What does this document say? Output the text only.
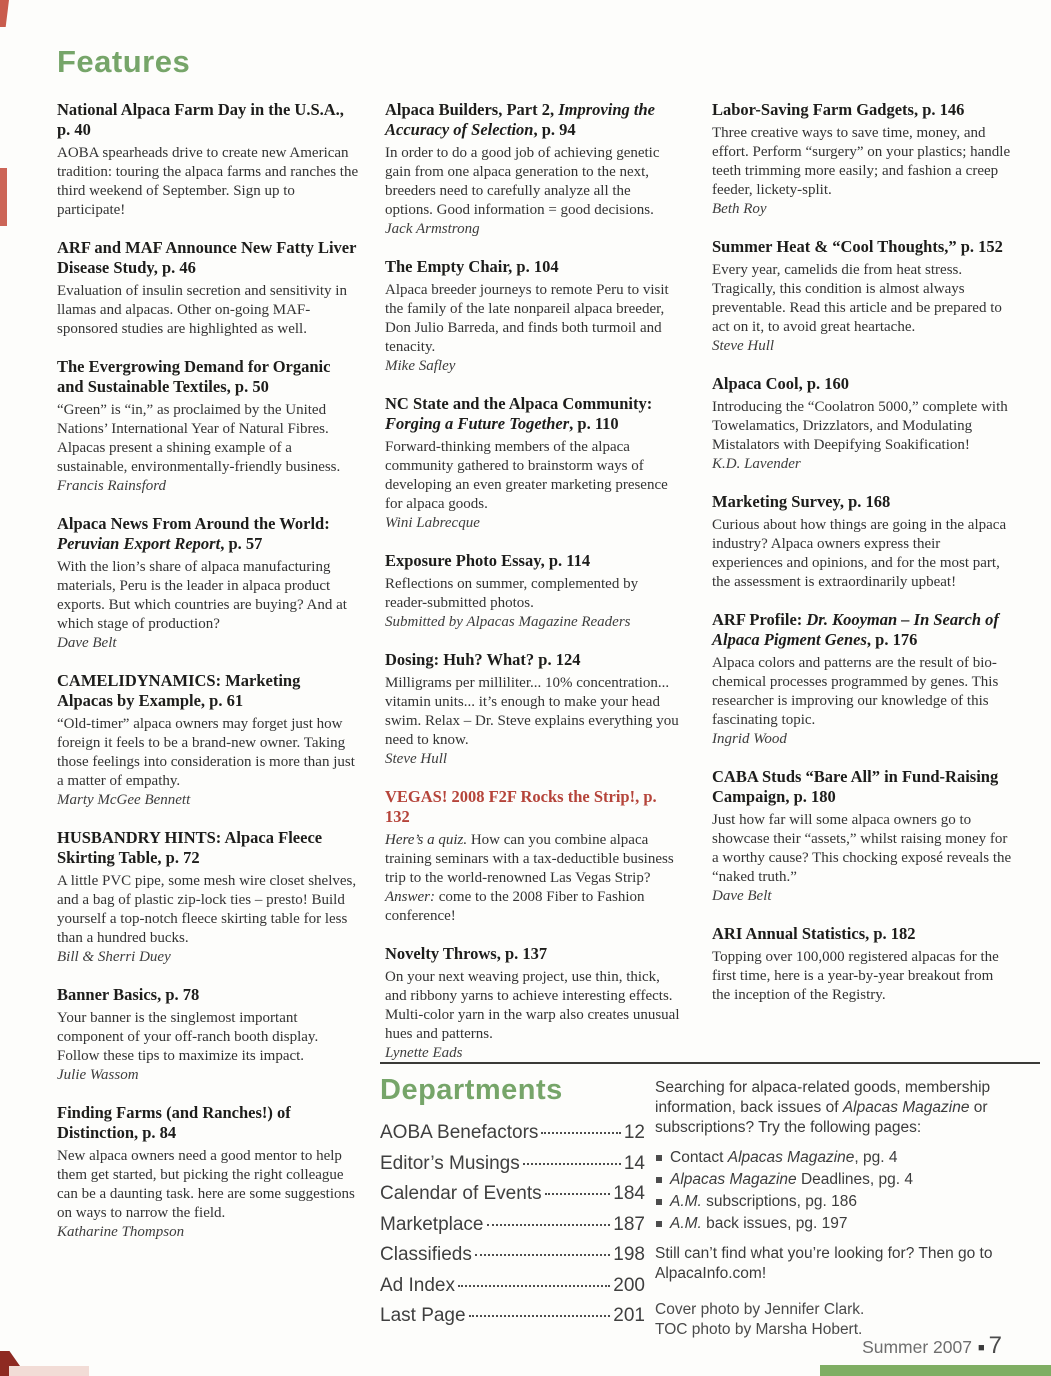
Features
National Alpaca Farm Day in the U.S.A., p. 40

AOBA spearheads drive to create new American tradition: touring the alpaca farms and ranches the third weekend of September. Sign up to participate!

ARF and MAF Announce New Fatty Liver Disease Study, p. 46

Evaluation of insulin secretion and sensitivity in llamas and alpacas. Other on-going MAF-sponsored studies are highlighted as well.

The Evergrowing Demand for Organic and Sustainable Textiles, p. 50

“Green” is “in,” as proclaimed by the United Nations’ International Year of Natural Fibres. Alpacas present a shining example of a sustainable, environmentally-friendly business.

Francis Rainsford

Alpaca News From Around the World: Peruvian Export Report, p. 57

With the lion’s share of alpaca manufacturing materials, Peru is the leader in alpaca product exports. But which countries are buying? And at which stage of production?

Dave Belt

CAMELIDYNAMICS: Marketing Alpacas by Example, p. 61

“Old-timer” alpaca owners may forget just how foreign it feels to be a brand-new owner. Taking those feelings into consideration is more than just a matter of empathy.

Marty McGee Bennett

HUSBANDRY HINTS: Alpaca Fleece Skirting Table, p. 72

A little PVC pipe, some mesh wire closet shelves, and a bag of plastic zip-lock ties – presto! Build yourself a top-notch fleece skirting table for less than a hundred bucks.

Bill & Sherri Duey

Banner Basics, p. 78

Your banner is the singlemost important component of your off-ranch booth display. Follow these tips to maximize its impact.

Julie Wassom

Finding Farms (and Ranches!) of Distinction, p. 84

New alpaca owners need a good mentor to help them get started, but picking the right colleague can be a daunting task. here are some suggestions on ways to narrow the field.

Katharine Thompson

Alpaca Builders, Part 2, Improving the Accuracy of Selection, p. 94

In order to do a good job of achieving genetic gain from one alpaca generation to the next, breeders need to carefully analyze all the options. Good information = good decisions.

Jack Armstrong

The Empty Chair, p. 104

Alpaca breeder journeys to remote Peru to visit the family of the late nonpareil alpaca breeder, Don Julio Barreda, and finds both turmoil and tenacity.

Mike Safley

NC State and the Alpaca Community: Forging a Future Together, p. 110

Forward-thinking members of the alpaca community gathered to brainstorm ways of developing an even greater marketing presence for alpaca goods.

Wini Labrecque

Exposure Photo Essay, p. 114

Reflections on summer, complemented by reader-submitted photos.

Submitted by Alpacas Magazine Readers

Dosing: Huh? What? p. 124

Milligrams per milliliter... 10% concentration... vitamin units... it’s enough to make your head swim. Relax – Dr. Steve explains everything you need to know.

Steve Hull

VEGAS! 2008 F2F Rocks the Strip!, p. 132

Here’s a quiz. How can you combine alpaca training seminars with a tax-deductible business trip to the world-renowned Las Vegas Strip? Answer: come to the 2008 Fiber to Fashion conference!

Novelty Throws, p. 137

On your next weaving project, use thin, thick, and ribbony yarns to achieve interesting effects. Multi-color yarn in the warp also creates unusual hues and patterns.

Lynette Eads

Labor-Saving Farm Gadgets, p. 146

Three creative ways to save time, money, and effort. Perform “surgery” on your plastics; handle teeth trimming more easily; and fashion a creep feeder, lickety-split.

Beth Roy

Summer Heat & “Cool Thoughts,” p. 152

Every year, camelids die from heat stress. Tragically, this condition is almost always preventable. Read this article and be prepared to act on it, to avoid great heartache.

Steve Hull

Alpaca Cool, p. 160

Introducing the “Coolatron 5000,” complete with Towelamatics, Drizzlators, and Modulating Mistalators with Deepifying Soakification!

K.D. Lavender

Marketing Survey, p. 168

Curious about how things are going in the alpaca industry? Alpaca owners express their experiences and opinions, and for the most part, the assessment is extraordinarily upbeat!

ARF Profile: Dr. Kooyman – In Search of Alpaca Pigment Genes, p. 176

Alpaca colors and patterns are the result of bio-chemical processes programmed by genes. This researcher is improving our knowledge of this fascinating topic.

Ingrid Wood

CABA Studs “Bare All” in Fund-Raising Campaign, p. 180

Just how far will some alpaca owners go to showcase their “assets,” whilst raising money for a worthy cause? This chocking exposé reveals the “naked truth.”

Dave Belt

ARI Annual Statistics, p. 182

Topping over 100,000 registered alpacas for the first time, here is a year-by-year breakout from the inception of the Registry.

Departments
AOBA Benefactors	12
Editor’s Musings	14
Calendar of Events	184
Marketplace	187
Classifieds	198
Ad Index	200
Last Page	201

Searching for alpaca-related goods, membership information, back issues of Alpacas Magazine or subscriptions? Try the following pages:

Contact Alpacas Magazine, pg. 4
Alpacas Magazine Deadlines, pg. 4
A.M. subscriptions, pg. 186
A.M. back issues, pg. 197

Still can’t find what you’re looking for? Then go to AlpacaInfo.com!

Cover photo by Jennifer Clark.

TOC photo by Marsha Hobert.

Summer 2007 ■ 7
